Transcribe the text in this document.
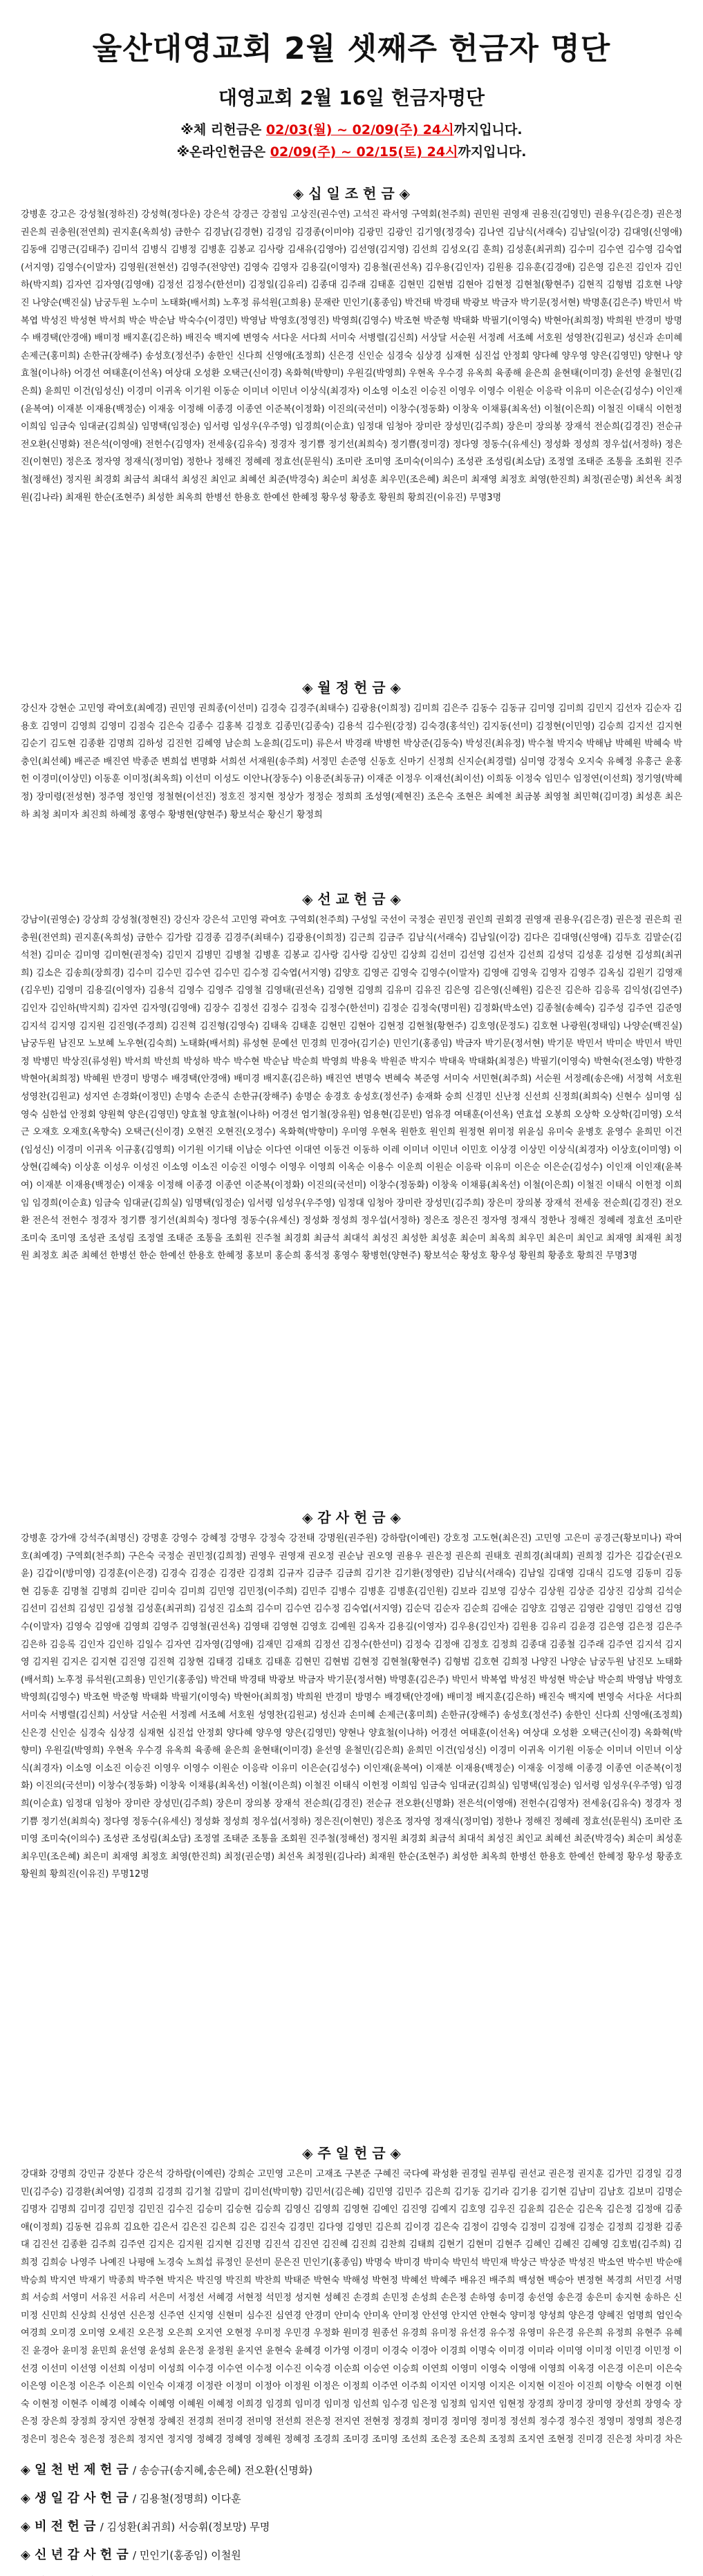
울산대영교회 2월 셋째주 헌금자 명단
대영교회 2월 16일 헌금자명단
※체 리헌금은 02/03(월) ~ 02/09(주) 24시까지입니다.
※온라인헌금은 02/09(주) ~ 02/15(토) 24시까지입니다.
◈ 십 일 조 헌 금 ◈
강병훈 강고은 강성철(정하진) 강성혁(정다운) 강은석 강경근 강점임 고상진(권수연) 고석진 곽서영 구역회(천주희) 권민원 권영재 권용진(김영민) 권용우(김은경) 권은정 권은희 권충원(전연희) 권지훈(옥희성) 금한수 김경남(김경현) 김경임 김경종(이미야) 김광민 김광인 김기영(정경숙) 김나연 김남식(서래숙) 김남일(이강) 김대영(신영애) 김동애 김명근(김태주) 김미석 김병식 김병정 김병훈 김봉교 김사랑 김새유(김영아) 김선영(김지영) 김선희 김성오(김 훈희) 김성훈(최귀희) 김수미 김수연 김수영 김숙엽(서지영) 김영수(이말자) 김영원(전현선) 김영주(전양연) 김영숙 김영자 김용길(이영자) 김용철(권선옥) 김우용(김인자) 김원용 김유훈(김경애) 김은영 김은진 김인자 김인하(박지희) 김자연 김자영(김영애) 김정선 김정수(한선미) 김정일(김유리) 김종대 김주래 김태훈 김현민 김현범 김현아 김현정 김현철(황현주) 김현직 김형범 김호현 나양진 나양순(백진실) 남궁두원 노수미 노태화(배서희) 노후정 류석원(고희용) 문재란 민인기(홍종임) 박건태 박경태 박광보 박금자 박기문(정서현) 박명훈(김은주) 박민서 박복엽 박성진 박성현 박서희 박순 박순남 박숙수(이경민) 박영남 박영호(정영진) 박영희(김영수) 박조현 박준형 박태화 박필기(이영숙) 박현아(최희정) 박희원 반경미 방명수 배경택(안경애) 배미정 배지훈(김은하) 배진숙 백지예 변영숙 서다운 서다희 서미숙 서병렬(김신희) 서상달 서순원 서정례 서조혜 서호원 성영찬(김원교) 성신과 손미혜 손제근(홍미희) 손한규(장해주) 송성호(정선주) 송한인 신다희 신영애(조정희) 신은경 신인순 심경숙 심상경 심재현 심진섭 안정회 양다혜 양우영 양은(김영민) 양현나 양효철(이나하) 어경선 여태훈(이선옥) 여상대 오성환 오택근(신이경) 옥화혁(박향미) 우원길(박영희) 우현옥 우수경 유옥희 육종해 윤은희 윤현태(이미경) 윤선영 윤철민(김은희) 윤희민 이건(임성신) 이경미 이귀옥 이기원 이동순 이미녀 이민녀 이상식(최경자) 이소영 이소진 이승진 이영우 이영수 이원순 이응락 이유미 이은순(김성수) 이인재(윤복여) 이재분 이재용(백정순) 이재웅 이정해 이종경 이종연 이준복(이정화) 이진의(국선미) 이창수(정동화) 이창욱 이채룡(최옥선) 이철(이은희) 이철진 이태식 이헌정 이희임 임금숙 임대균(김희실) 임명택(임정순) 임서령 임성우(우주영) 임경희(이순효) 임정대 임청아 장미란 장성민(김주희) 장은미 장의봉 장재석 전순희(김경진) 전순규 전오환(신명화) 전은석(이영애) 전헌수(김영자) 전세웅(김유숙) 정경자 정기쁨 정기선(최희숙) 정기쁨(정미경) 정다영 정동수(유세신) 정성화 정성희 정우섭(서정하) 정은진(이현민) 정은조 정자영 정재식(정미엄) 정한나 정해진 정혜레 정효선(문원식) 조미란 조미영 조미숙(이의수) 조성관 조성림(최소담) 조정열 조태준 조통을 조회원 진주철(정해선) 정지원 최경회 최금석 최대석 최성진 최인교 최혜선 최준(박경숙) 최순미 최성훈 최우민(조은혜) 최은미 최재영 최정호 최영(한진희) 최정(권순명) 최선옥 최정원(김나라) 최재원 한순(조현주) 최성한 최옥희 한병선 한용호 한예선 한혜정 황우성 황종호 황원희 황희진(이유진) 무명3명
◈ 월 정 헌 금 ◈
강신자 강현순 고민영 곽여호(최예경) 권민영 권희종(이선미) 김경숙 김경주(최태수) 김광용(이희정) 김미희 김은주 김동수 김동규 김미영 김미희 김민지 김선자 김순자 김용호 김영미 김영희 김영미 김점숙 김은숙 김종수 김홍복 김정호 김종민(김종숙) 김용석 김수원(강정) 김숙경(홍석인) 김지동(선미) 김정현(이민영) 김승희 김지선 김지현 김순기 김도현 김종환 김명희 김하성 김진헌 김혜영 남순희 노윤희(김도미) 류은서 박경래 박병헌 박상준(김동숙) 박성진(최유정) 박수철 박지숙 박해남 박혜원 박혜숙 박충인(최선헤) 배곤준 배진연 박종준 변희섭 변명화 서희선 서재원(송주희) 서정민 손준영 신동호 신마기 신정희 신지순(최경렬) 심미영 강정숙 오지숙 유혜정 유흥근 윤홍헌 이경미(이상민) 이동훈 이미정(최옥희) 이선미 이성도 이안나(장동수) 이용준(최동규) 이재준 이정우 이재선(최이선) 이희동 이정숙 임민수 임정연(이선희) 정기영(박혜정) 장미령(전성현) 정주영 정인영 정철현(이선진) 정호진 정지현 정상가 정정순 정희희 조성영(제현진) 조은숙 조현은 최예천 최금봉 최영철 최민혁(김미경) 최성흔 최은하 최청 최미자 최진희 하혜정 홍영수 황병현(양현주) 황보석순 황신기 황정희
◈ 선 교 헌 금 ◈
강남이(권영순) 강상희 강성철(정현진) 강신자 강은석 고민영 곽여호 구역회(천주희) 구성일 국선이 국정순 권민정 권인희 권회경 권영재 권용우(김은경) 권은정 권은희 권충원(전연희) 권지훈(옥희성) 금한수 김가람 김경종 김경주(최태수) 김광용(이희정) 김근희 김금주 김남식(서래숙) 김남일(이강) 김다은 김대영(신영애) 김두호 김말순(김석천) 김미순 김미영 김미현(권정숙) 김민지 김병민 김병철 김병훈 김봉교 김사랑 김사랑 김상민 김상희 김선미 김선영 김선자 김선희 김성덕 김성훈 김성현 김성희(최귀희) 김소은 김송희(장희경) 김수미 김수민 김수연 김수민 김수정 김숙엽(서지영) 김양호 김영곤 김영숙 김영수(이말자) 김영애 김영욱 김영자 김영주 김옥심 김원기 김영재(김우빈) 김영미 김용길(이영자) 김용석 김영수 김영주 김영철 김영태(권선옥) 김영현 김영희 김유미 김유진 김은영 김은영(신혜원) 김은진 김은하 김응록 김익성(김연주) 김인자 김인하(박지희) 김자연 김자영(김영애) 김장수 김정선 김정수 김정숙 김정수(한선미) 김정순 김정숙(명미원) 김정화(박소연) 김종철(송혜숙) 김주성 김주연 김준영 김지석 김지영 김지원 김진영(주경희) 김진혁 김진형(김영숙) 김태욱 김태훈 김현민 김현아 김현정 김현철(황현주) 김호영(문정도) 김호현 나광원(정태임) 나양순(백진실) 남궁두원 남진모 노보혜 노우현(김숙희) 노태화(배서희) 류성현 문예선 민경희 민경아(김기순) 민인기(홍종임) 박금자 박기문(정서현) 박기문 박민서 박미순 박민서 박민정 박병민 박상진(류성원) 박서희 박선희 박성하 박수 박수현 박순남 박순희 박영희 박용욱 박원준 박지수 박태욱 박태화(최정은) 박필기(이영숙) 박현숙(전소영) 박한경 박현아(최희정) 박혜원 반경미 방명수 배경택(안경애) 배미경 배지훈(김은하) 배진연 변명숙 변혜숙 복준영 서미숙 서민현(최주희) 서순원 서정례(송은애) 서정혁 서호원 성영찬(김원교) 성지연 손경화(이정민) 손명숙 손준식 손한규(장해주) 송명순 송경호 송성호(정선주) 송재화 숭희 신경민 신난정 신선희 신정희(최희숙) 신현수 심미영 심영숙 심한섭 안정회 양원혁 양은(김영민) 양효철 양효철(이나하) 어경선 엄기철(장유원) 엄용현(김문빈) 엄유경 여태훈(이선옥) 연효섭 오봉희 오상학 오상학(김미영) 오석근 오재호 오재호(옥향숙) 오택근(신이경) 오현진 오현진(오정수) 옥화혁(박향미) 우미영 우현옥 원한호 원인희 원정현 위미정 위윤심 유미숙 윤병호 윤영수 윤희민 이건(임성신) 이경미 이귀옥 이규홍(김영희) 이기원 이기태 이남순 이다연 이대연 이동건 이동하 이레 이미녀 이민녀 이민호 이상경 이상민 이상식(최경자) 이상호(이미영) 이상현(김혜숙) 이상훈 이성우 이성진 이소영 이소진 이승진 이영수 이영우 이영희 이옥순 이용수 이운희 이원순 이응락 이유미 이은순 이은순(김성수) 이인재 이인재(윤복여) 이재분 이재용(백정순) 이재웅 이정해 이종경 이종연 이준복(이정화) 이진의(국선미) 이창수(정동화) 이창욱 이채룡(최옥선) 이철(이은희) 이철진 이태식 이헌정 이희임 임경희(이순효) 임금숙 임대균(김희실) 임명택(임정순) 임서령 임성우(우주영) 임정대 임청아 장미란 장성민(김주희) 장은미 장의봉 장재석 전세웅 전순희(김경진) 전오환 전은석 전헌수 정경자 정기쁨 정기선(최희숙) 정다영 정동수(유세신) 정성화 정성희 정우섭(서정하) 정은조 정은진 정자영 정재식 정한나 정해진 정혜레 정효선 조미란 조미숙 조미영 조성관 조성림 조정열 조태준 조통을 조회원 진주철 최경회 최금석 최대석 최성진 최성한 최성훈 최순미 최옥희 최우민 최은미 최인교 최재영 최재원 최정원 최정호 최준 최혜선 한병선 한순 한예선 한용호 한혜정 홍보미 홍순희 홍석정 홍영수 황병헌(양현주) 황보석순 황성호 황우성 황원희 황종호 황희진 무명3명
◈ 감 사 헌 금 ◈
강병훈 강가애 강석주(최명신) 강명훈 강영수 강혜정 강명우 강정숙 강전태 강명원(권주원) 강하람(이예린) 강호정 고도현(최은진) 고민영 고은미 공경근(황보미나) 곽여호(최예경) 구역회(천주희) 구은숙 국정순 권민정(김희정) 권영우 권영재 권오정 권순남 권오영 권용우 권은정 권은희 권태호 권희경(최대희) 권희정 김가은 김갑순(권오윤) 김갑이(방미영) 김경훈(이은경) 김경숙 김경순 김경란 김경회 김규자 김금주 김금희 김기찬 김기환(정영란) 김남식(서래숙) 김남일 김대영 김대식 김도영 김동미 김동현 김동훈 김명철 김명희 김미란 김미숙 김미희 김민영 김민정(이주희) 김민주 김병수 김병훈 김병훈(김인원) 김보라 김보영 김상수 김상원 김상준 김상진 김상희 김석순 김선미 김선희 김성민 김성철 김성훈(최귀희) 김성진 김소희 김수미 김수연 김수정 김숙엽(서지영) 김순덕 김순자 김순희 김애순 김양호 김영곤 김영란 김영민 김영선 김영수(이말자) 김영숙 김영애 김영희 김영주 김영철(권선옥) 김영태 김영현 김영호 김예원 김옥자 김용길(이영자) 김우용(김인자) 김원용 김유리 김윤경 김은영 김은정 김은주 김은하 김응록 김인자 김인하 김일수 김자연 김자영(김영애) 김재민 김재희 김정선 김정수(한선미) 김정숙 김정애 김정호 김정희 김종대 김종철 김주래 김주연 김지석 김지영 김지원 김지은 김지현 김진영 김진혁 김창현 김태경 김태호 김태훈 김현민 김현범 김현정 김현철(황현주) 김형범 김호현 김희정 나양진 나양순 남궁두원 남진모 노태화(배서희) 노후정 류석원(고희용) 민인기(홍종임) 박건태 박경태 박광보 박금자 박기문(정서현) 박명훈(김은주) 박민서 박복엽 박성진 박성현 박순남 박순희 박영남 박영호 박영희(김영수) 박조현 박준형 박태화 박필기(이영숙) 박현아(최희정) 박희원 반경미 방명수 배경택(안경애) 배미정 배지훈(김은하) 배진숙 백지예 변영숙 서다운 서다희 서미숙 서병렬(김신희) 서상달 서순원 서정례 서조혜 서호원 성영찬(김원교) 성신과 손미혜 손제근(홍미희) 손한규(장해주) 송성호(정선주) 송한인 신다희 신영애(조정희) 신은경 신인순 심경숙 심상경 심재현 심진섭 안정회 양다혜 양우영 양은(김영민) 양현나 양효철(이나하) 어경선 여태훈(이선옥) 여상대 오성환 오택근(신이경) 옥화혁(박향미) 우원길(박영희) 우현옥 우수경 유옥희 육종해 윤은희 윤현태(이미경) 윤선영 윤철민(김은희) 윤희민 이건(임성신) 이경미 이귀옥 이기원 이동순 이미녀 이민녀 이상식(최경자) 이소영 이소진 이승진 이영우 이영수 이원순 이응락 이유미 이은순(김성수) 이인재(윤복여) 이재분 이재용(백정순) 이재웅 이정해 이종경 이종연 이준복(이정화) 이진의(국선미) 이창수(정동화) 이창욱 이채룡(최옥선) 이철(이은희) 이철진 이태식 이헌정 이희임 임금숙 임대균(김희실) 임명택(임정순) 임서령 임성우(우주영) 임경희(이순효) 임정대 임청아 장미란 장성민(김주희) 장은미 장의봉 장재석 전순희(김경진) 전순규 전오환(신명화) 전은석(이영애) 전헌수(김영자) 전세웅(김유숙) 정경자 정기쁨 정기선(최희숙) 정다영 정동수(유세신) 정성화 정성희 정우섭(서정하) 정은진(이현민) 정은조 정자영 정재식(정미엄) 정한나 정해진 정혜레 정효선(문원식) 조미란 조미영 조미숙(이의수) 조성관 조성림(최소담) 조정열 조태준 조통을 조회원 진주철(정해선) 정지원 최경회 최금석 최대석 최성진 최인교 최혜선 최준(박경숙) 최순미 최성훈 최우민(조은혜) 최은미 최재영 최정호 최영(한진희) 최정(권순명) 최선옥 최정원(김나라) 최재원 한순(조현주) 최성한 최옥희 한병선 한용호 한예선 한혜정 황우성 황종호 황원희 황희진(이유진) 무명12명
◈ 주 일 헌 금 ◈
강대화 강명희 강민규 강분다 강은석 강하람(이예린) 강희순 고민영 고은미 고재조 구본준 구혜진 국다예 곽성환 권경일 권부림 권선교 권은정 권지훈 김가민 김경일 김경민(김주승) 김경환(최여영) 김경희 김경희 김기철 김말미 김미선(박미향) 김민서(김은혜) 김민영 김민주 김은희 김기동 김기라 김기용 김기현 김남미 김남호 김보미 김명순 김명자 김명희 김미경 김민정 김민진 김수진 김승미 김승현 김승희 김영신 김영희 김영현 김예인 김진영 김예지 김호영 김우진 김윤희 김은순 김은옥 김은정 김정애 김종애(이정희) 김동현 김유희 김요한 김은서 김은진 김은희 김은 김진숙 김경민 김다영 김영민 김은희 김이경 김은숙 김정이 김영숙 김정미 김정애 김정순 김정희 김정환 김종대 김진선 김종환 김주희 김주연 김지은 김지원 김지현 김진명 김진석 김진연 김진혜 김진희 김찬희 김태희 김현기 김현미 김현주 김혜인 김혜진 김혜영 김호범(김주희) 김희정 김희승 나영주 나예진 나평애 노경숙 노희섭 류정인 문선미 문은진 민인기(홍종임) 박명숙 박미경 박미숙 박민석 박민재 박상근 박상준 박성진 박소연 박수빈 박순애 박승희 박지연 박재기 박종희 박주현 박지은 박진영 박진희 박찬희 박태준 박현숙 박해성 박현정 박혜선 박혜주 배유진 배주희 백성현 백승아 변정현 복경희 서민경 서명희 서승희 서영미 서유진 서유리 서은미 서정선 서혜경 서현정 석민정 성지현 성혜진 손경희 손민정 손성희 손은정 손하영 송미경 송선영 송은경 송은미 송지현 송하은 신미정 신민희 신상희 신성연 신은정 신주연 신지영 신현미 심수진 심연경 안경미 안미숙 안미옥 안미정 안선영 안지연 안현숙 양미정 양성희 양은경 양혜진 엄명희 엄인숙 여경희 오미경 오미영 오세진 오은정 오은희 오지연 오현정 우미정 우민경 우정화 원미경 원종선 유경희 유미정 유선경 유수정 유영미 유은경 유은희 유정희 유현주 유혜진 윤경아 윤미정 윤민희 윤선영 윤성희 윤은정 윤정원 윤지연 윤현숙 윤혜경 이가영 이경미 이경숙 이경아 이경희 이명숙 이미경 이미라 이미영 이미정 이민경 이민정 이선경 이선미 이선영 이선희 이성미 이성희 이수경 이수연 이수정 이수진 이숙경 이순희 이승연 이승희 이연희 이영미 이영숙 이영애 이영희 이옥경 이은경 이은미 이은숙 이은영 이은정 이은주 이은희 이인숙 이재경 이정란 이정미 이정아 이정원 이정은 이정희 이주연 이주희 이지연 이지영 이지은 이지현 이진아 이진희 이향숙 이현경 이현숙 이현정 이현주 이혜경 이혜숙 이혜영 이혜원 이혜정 이희경 임경희 임미경 임미정 임선희 임수경 임은정 임정희 임지연 임현정 장경희 장미경 장미영 장선희 장영숙 장은정 장은희 장정희 장지연 장현정 장혜진 전경희 전미경 전미영 전선희 전은정 전지연 전현정 정경희 정미경 정미영 정미정 정선희 정수경 정수진 정영미 정영희 정은경 정은미 정은숙 정은정 정은희 정지연 정지영 정혜경 정혜영 정혜원 정혜정 조경희 조미경 조미영 조선희 조은정 조은희 조정희 조지연 조현정 진미경 진은정 차미경 차은
◈ 일 천 번 제 헌 금 / 송승규(송지혜,송은혜) 전오환(신명화)
◈ 생 일 감 사 헌 금 / 김용철(정명희) 이다훈
◈ 비 전 헌 금 / 김성환(최귀희) 서승휘(정보망) 무명
◈ 신 년 감 사 헌 금 / 민인기(홍종임) 이철원
